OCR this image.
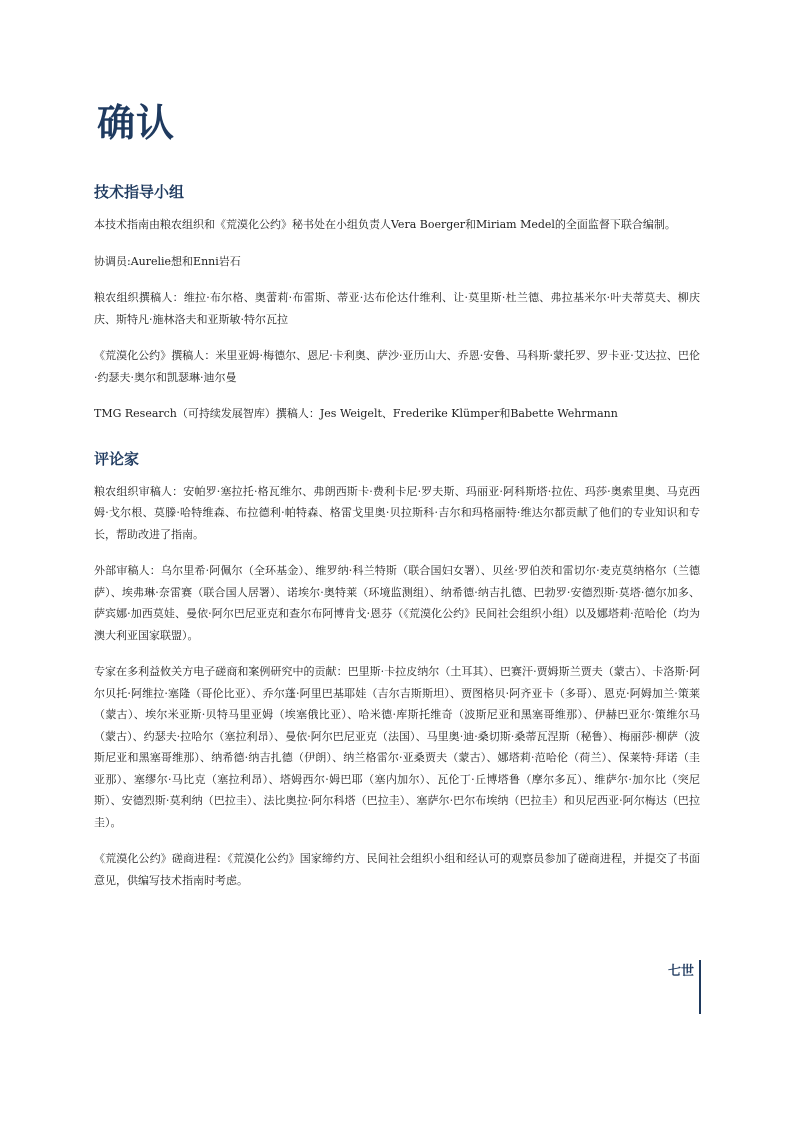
确认
技术指导小组

本技术指南由粮农组织和《荒漠化公约》秘书处在小组负责人Vera Boerger和Miriam Medel的全面监督下联合编制。

协调员:Aurelie想和Enni岩石

粮农组织撰稿人：维拉·布尔格、奥蕾莉·布雷斯、蒂亚·达布伦达什维利、让·莫里斯·杜兰德、弗拉基米尔·叶夫蒂莫夫、柳庆庆、斯特凡·施林洛夫和亚斯敏·特尔瓦拉

《荒漠化公约》撰稿人：米里亚姆·梅德尔、恩尼·卡利奥、萨沙·亚历山大、乔恩·安鲁、马科斯·蒙托罗、罗卡亚·艾达拉、巴伦·约瑟夫·奥尔和凯瑟琳·迪尔曼

TMG Research（可持续发展智库）撰稿人：Jes Weigelt、Frederike Klümper和Babette Wehrmann

评论家

粮农组织审稿人：安帕罗·塞拉托·格瓦维尔、弗朗西斯卡·费利卡尼·罗夫斯、玛丽亚·阿科斯塔·拉佐、玛莎·奥索里奥、马克西姆·戈尔根、莫滕·哈特维森、布拉德利·帕特森、格雷戈里奥·贝拉斯科·吉尔和玛格丽特·维达尔都贡献了他们的专业知识和专长，帮助改进了指南。

外部审稿人：乌尔里希·阿佩尔（全环基金）、维罗纳·科兰特斯（联合国妇女署）、贝丝·罗伯茨和雷切尔·麦克莫纳格尔（兰德萨）、埃弗琳·奈雷赛（联合国人居署）、诺埃尔·奥特莱（环境监测组）、纳希德·纳吉扎德、巴勃罗·安德烈斯·莫塔·德尔加多、萨宾娜·加西莫娃、曼依·阿尔巴尼亚克和查尔布阿博肯戈·恩芬（《荒漠化公约》民间社会组织小组）以及娜塔莉·范哈伦（均为澳大利亚国家联盟）。

专家在多利益攸关方电子磋商和案例研究中的贡献：巴里斯·卡拉皮纳尔（土耳其）、巴赛汗·贾姆斯兰贾夫（蒙古）、卡洛斯·阿尔贝托·阿维拉·塞隆（哥伦比亚）、乔尔蓬·阿里巴基耶娃（吉尔吉斯斯坦）、贾图格贝·阿齐亚卡（多哥）、恩克·阿姆加兰·策莱（蒙古）、埃尔米亚斯·贝特马里亚姆（埃塞俄比亚）、哈米德·库斯托维奇（波斯尼亚和黑塞哥维那）、伊赫巴亚尔·策维尔马（蒙古）、约瑟夫·拉哈尔（塞拉利昂）、曼依·阿尔巴尼亚克（法国）、马里奥·迪·桑切斯·桑蒂瓦涅斯（秘鲁）、梅丽莎·柳萨（波斯尼亚和黑塞哥维那）、纳希德·纳吉扎德（伊朗）、纳兰格雷尔·亚桑贾夫（蒙古）、娜塔莉·范哈伦（荷兰）、保莱特·拜诺（圭亚那）、塞缪尔·马比克（塞拉利昂）、塔姆西尔·姆巴耶（塞内加尔）、瓦伦丁·丘博塔鲁（摩尔多瓦）、维萨尔·加尔比（突尼斯）、安德烈斯·莫利纳（巴拉圭）、法比奥拉·阿尔科塔（巴拉圭）、塞萨尔·巴尔布埃纳（巴拉圭）和贝尼西亚·阿尔梅达（巴拉圭）。

《荒漠化公约》磋商进程：《荒漠化公约》国家缔约方、民间社会组织小组和经认可的观察员参加了磋商进程，并提交了书面意见，供编写技术指南时考虑。

七世
